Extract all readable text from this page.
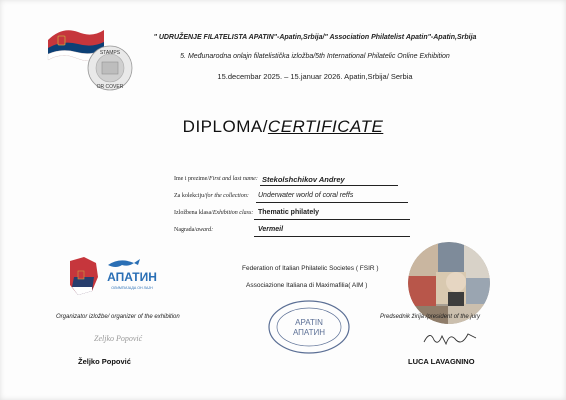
STAMPS
OR COVER
" UDRUŽENJE FILATELISTA APATIN"-Apatin,Srbija/" Association Philatelist Apatin"-Apatin,Srbija
5. Međunarodna onlajn filatelistička izložba/5th International Philatelic Online Exhibition
15.decembar 2025. – 15.januar 2026. Apatin,Srbija/ Serbia
DIPLOMA/CERTIFICATE
Ime i prezime/First and last name: Stekolshchikov Andrey
Za kolekciju/for the collection: Underwater world of coral reffs
Izložbena klasa/Exhibition class: Thematic philately
Nagrada/award:	Vermeil
АПАТИН
ОЛИМПИЈАДА ОН ЛАЈН
Organizator izložbe/ organizer of the exhibition
Federation of Italian Philatelic Societes ( FSIR )
Associazione Italiana di Maximafilia( AIM )
APATIN
АПАТИН
Predsednik žirija /president of the jury
Zeljko Popović
Željko Popović	LUCA LAVAGNINO
